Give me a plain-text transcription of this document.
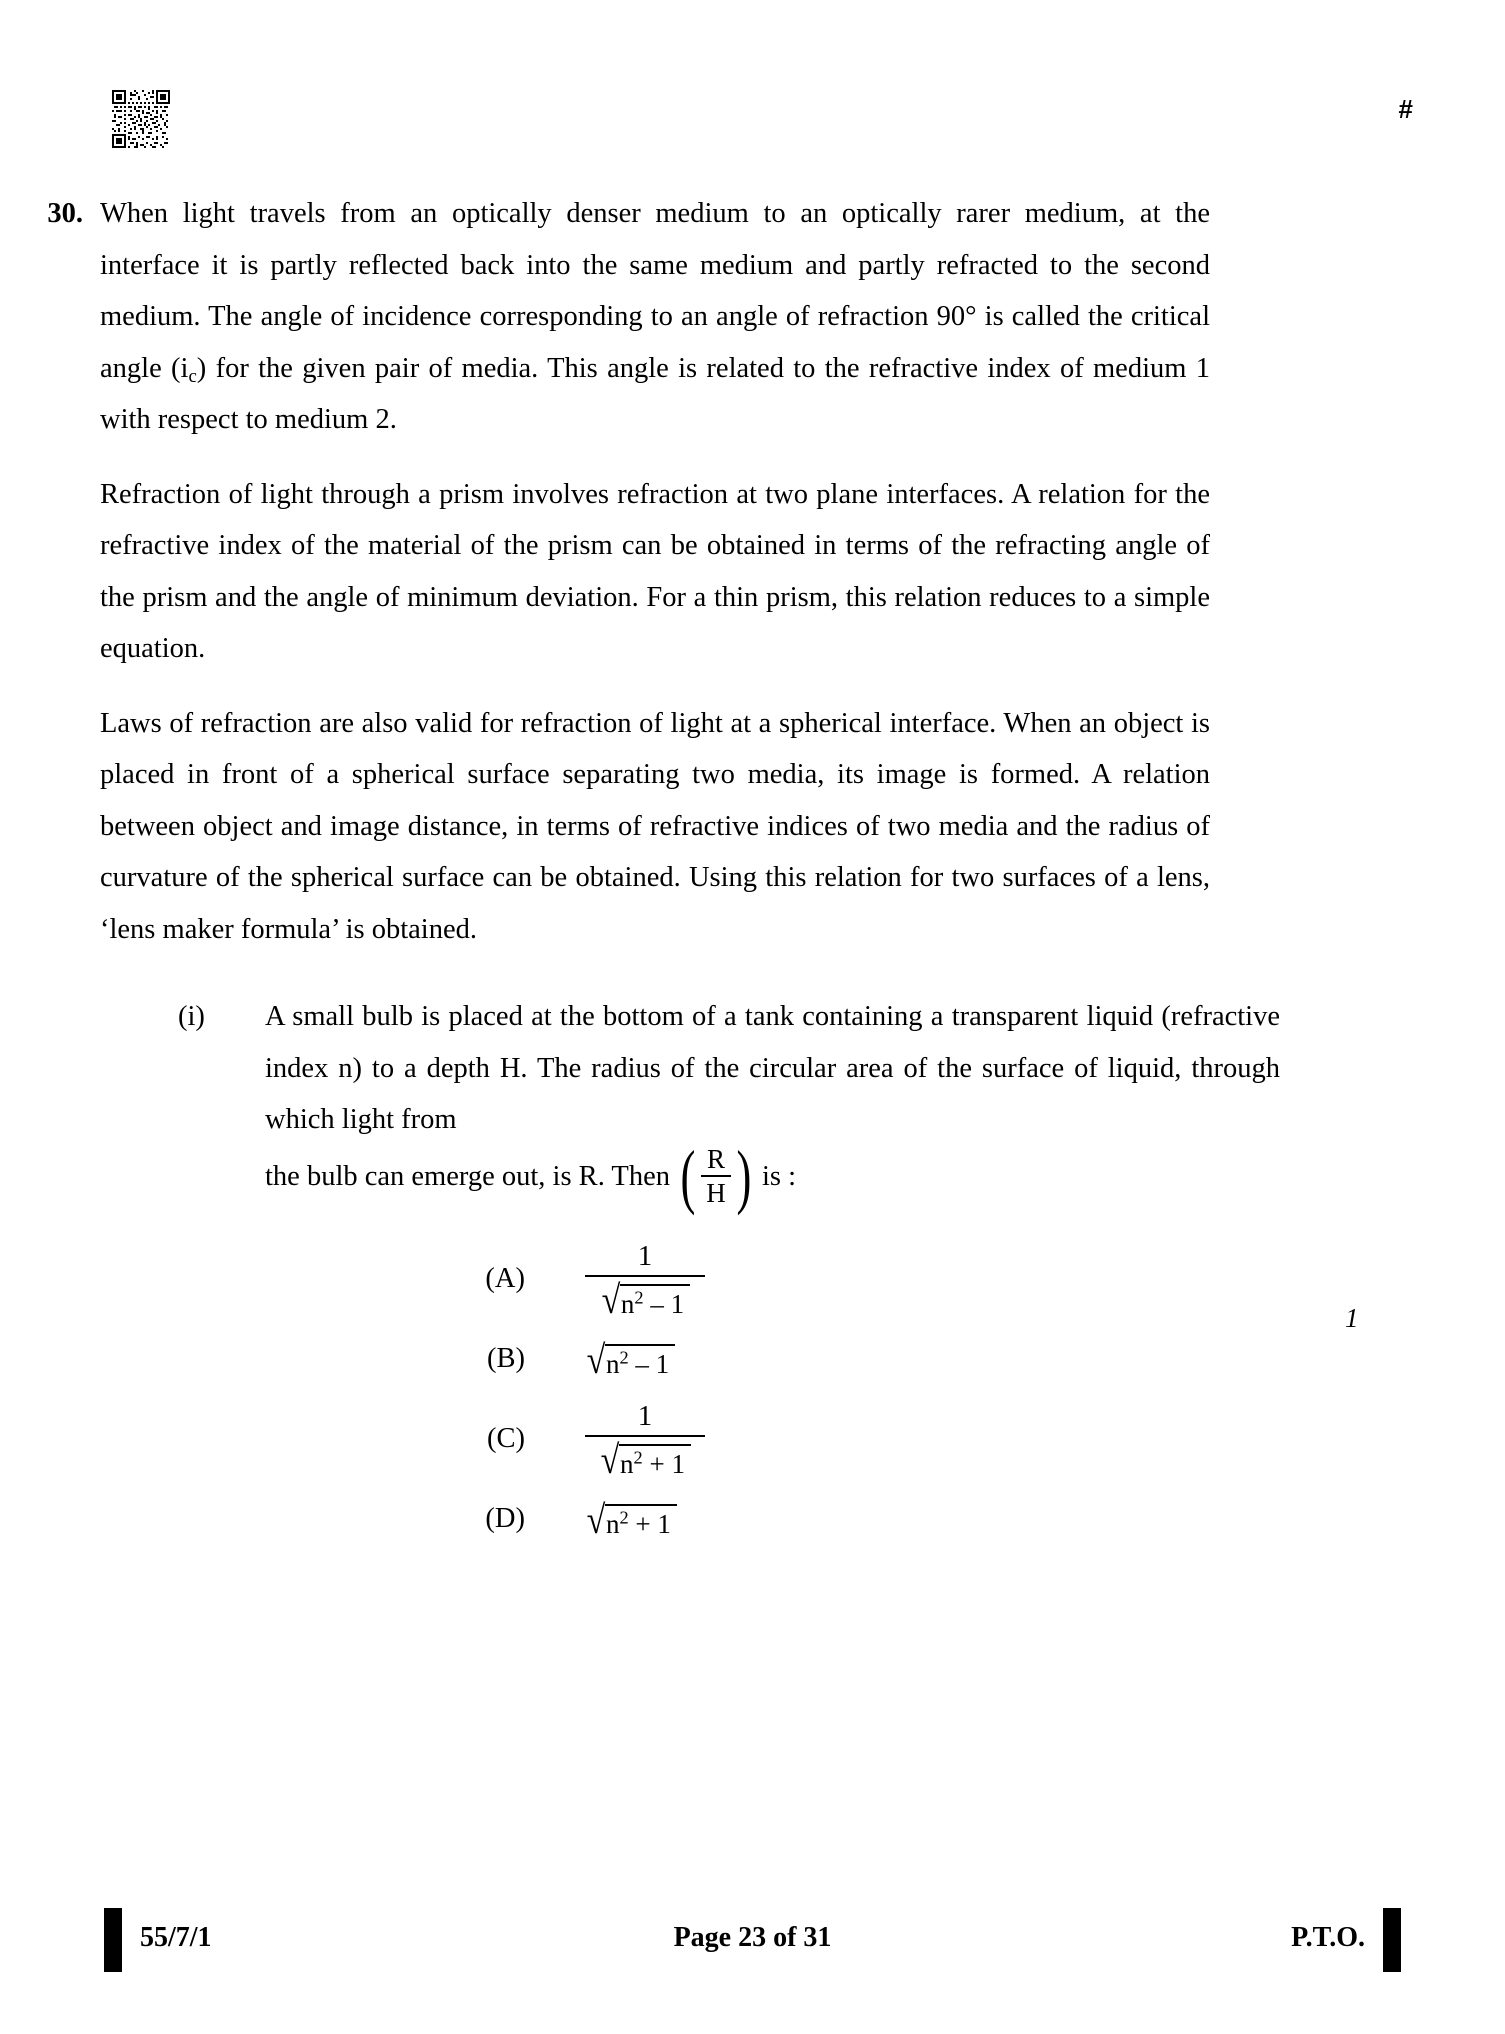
#
30. When light travels from an optically denser medium to an optically rarer medium, at the interface it is partly reflected back into the same medium and partly refracted to the second medium. The angle of incidence corresponding to an angle of refraction 90° is called the critical angle $(i_c)$ for the given pair of media. This angle is related to the refractive index of medium 1 with respect to medium 2.

Refraction of light through a prism involves refraction at two plane interfaces. A relation for the refractive index of the material of the prism can be obtained in terms of the refracting angle of the prism and the angle of minimum deviation. For a thin prism, this relation reduces to a simple equation.

Laws of refraction are also valid for refraction of light at a spherical interface. When an object is placed in front of a spherical surface separating two media, its image is formed. A relation between object and image distance, in terms of refractive indices of two media and the radius of curvature of the spherical surface can be obtained. Using this relation for two surfaces of a lens, ‘lens maker formula’ is obtained.

(i)	A small bulb is placed at the bottom of a tank containing a transparent liquid (refractive index n) to a depth H. The radius of the circular area of the surface of liquid, through which light from

the bulb can emerge out, is R. Then ( $\frac{R}{H}$ ) is :
(A)
1
√ $n^2 - 1$
(B)	√ $n^2 - 1$
(C)
1
√ $n^2 + 1$
(D)	√ $n^2 + 1$
1
55/7/1	Page 23 of 31	P.T.O.
